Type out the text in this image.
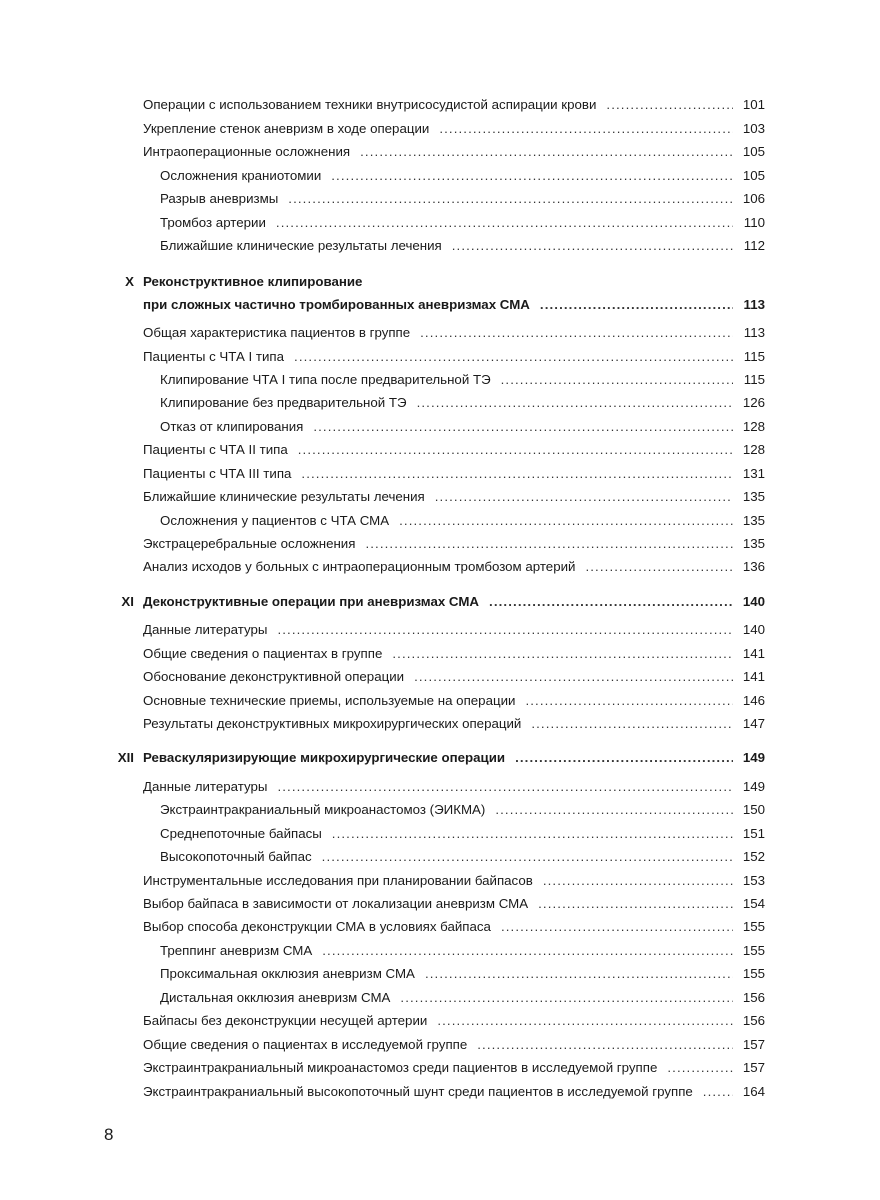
Операции с использованием техники внутрисосудистой аспирации крови .....	101
Укрепление стенок аневризм в ходе операции .....	103
Интраоперационные осложнения .....	105
Осложнения краниотомии .....	105
Разрыв аневризмы .....	106
Тромбоз артерии .....	110
Ближайшие клинические результаты лечения .....	112
X Реконструктивное клипирование
при сложных частично тромбированных аневризмах СМА .....	113
Общая характеристика пациентов в группе .....	113
Пациенты с ЧТА I типа .....	115
Клипирование ЧТА I типа после предварительной ТЭ .....	115
Клипирование без предварительной ТЭ .....	126
Отказ от клипирования .....	128
Пациенты с ЧТА II типа .....	128
Пациенты с ЧТА III типа .....	131
Ближайшие клинические результаты лечения .....	135
Осложнения у пациентов с ЧТА СМА .....	135
Экстрацеребральные осложнения .....	135
Анализ исходов у больных с интраоперационным тромбозом артерий .....	136
XI Деконструктивные операции при аневризмах СМА .....	140
Данные литературы .....	140
Общие сведения о пациентах в группе .....	141
Обоснование деконструктивной операции .....	141
Основные технические приемы, используемые на операции .....	146
Результаты деконструктивных микрохирургических операций .....	147
XII Реваскуляризирующие микрохирургические операции .....	149
Данные литературы .....	149
Экстраинтракраниальный микроанастомоз (ЭИКМА) .....	150
Среднепоточные байпасы .....	151
Высокопоточный байпас .....	152
Инструментальные исследования при планировании байпасов .....	153
Выбор байпаса в зависимости от локализации аневризм СМА .....	154
Выбор способа деконструкции СМА в условиях байпаса .....	155
Треппинг аневризм СМА .....	155
Проксимальная окклюзия аневризм СМА .....	155
Дистальная окклюзия аневризм СМА .....	156
Байпасы без деконструкции несущей артерии .....	156
Общие сведения о пациентах в исследуемой группе .....	157
Экстраинтракраниальный микроанастомоз среди пациентов в исследуемой группе .....	157
Экстраинтракраниальный высокопоточный шунт среди пациентов в исследуемой группе .....	164
8
